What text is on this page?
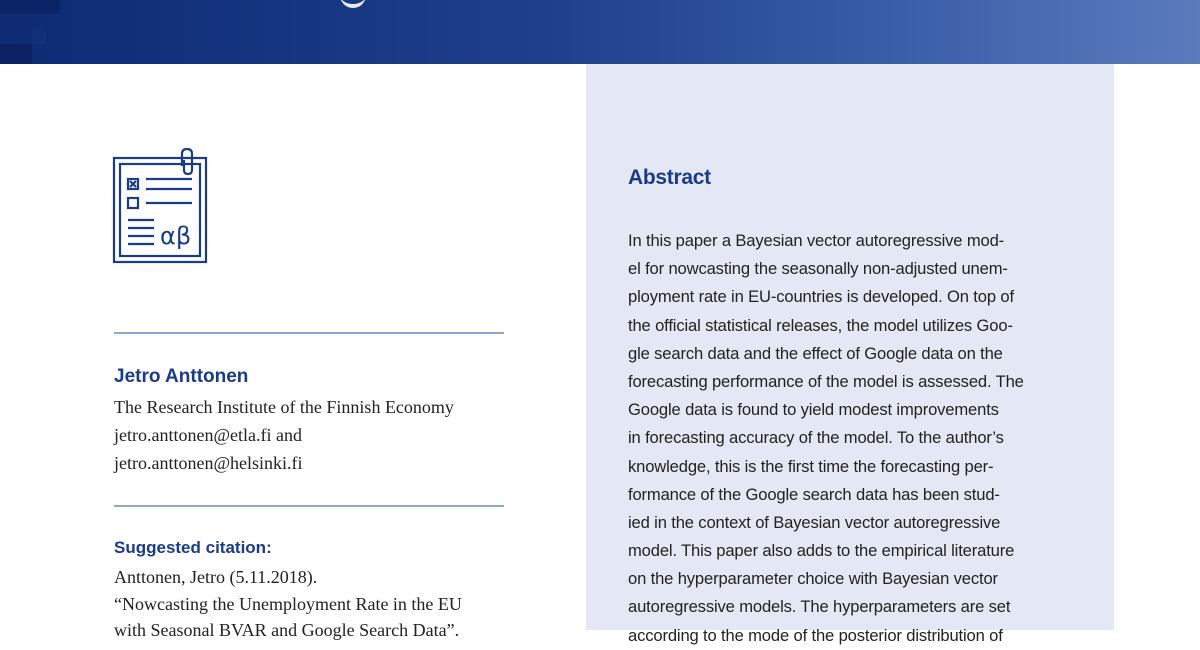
αβ
Jetro Anttonen
The Research Institute of the Finnish Economy
jetro.anttonen@etla.fi and
jetro.anttonen@helsinki.fi
Suggested citation:
Anttonen, Jetro (5.11.2018).
“Nowcasting the Unemployment Rate in the EU
with Seasonal BVAR and Google Search Data”.
Abstract
In this paper a Bayesian vector autoregressive mod-
el for nowcasting the seasonally non-adjusted unem-
ployment rate in EU-countries is developed. On top of
the official statistical releases, the model utilizes Goo-
gle search data and the effect of Google data on the
forecasting performance of the model is assessed. The
Google data is found to yield modest improvements
in forecasting accuracy of the model. To the author’s
knowledge, this is the first time the forecasting per-
formance of the Google search data has been stud-
ied in the context of Bayesian vector autoregressive
model. This paper also adds to the empirical literature
on the hyperparameter choice with Bayesian vector
autoregressive models. The hyperparameters are set
according to the mode of the posterior distribution of
